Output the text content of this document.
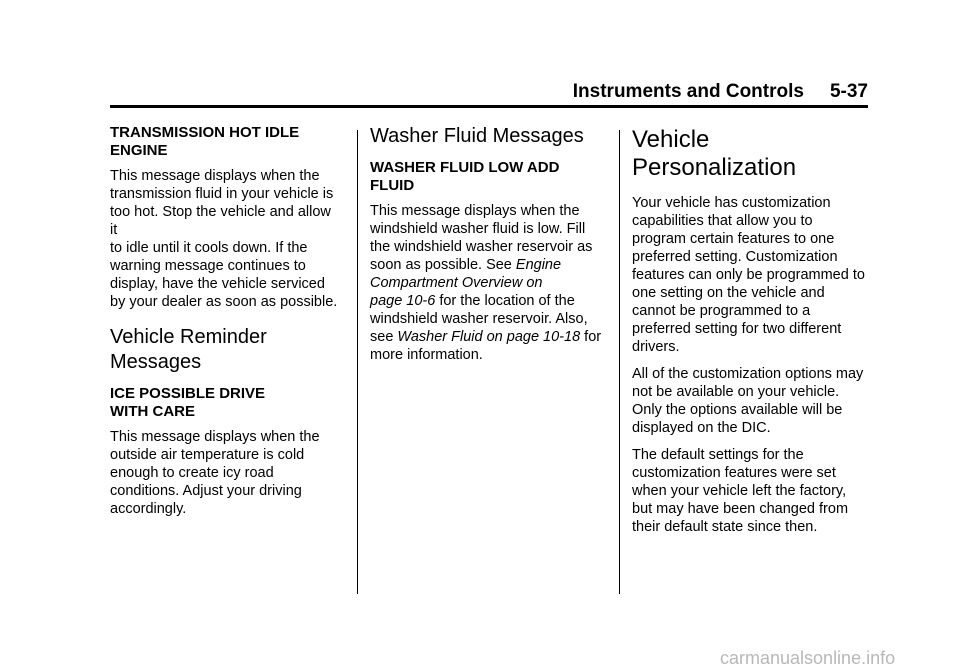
Instruments and Controls 5-37
TRANSMISSION HOT IDLE
ENGINE

This message displays when the
transmission fluid in your vehicle is
too hot. Stop the vehicle and allow it
to idle until it cools down. If the
warning message continues to
display, have the vehicle serviced
by your dealer as soon as possible.

Vehicle Reminder
Messages
ICE POSSIBLE DRIVE
WITH CARE

This message displays when the
outside air temperature is cold
enough to create icy road
conditions. Adjust your driving
accordingly.

Washer Fluid Messages
WASHER FLUID LOW ADD
FLUID

This message displays when the
windshield washer fluid is low. Fill
the windshield washer reservoir as
soon as possible. See Engine
Compartment Overview on
page 10-6 for the location of the
windshield washer reservoir. Also,
see Washer Fluid on page 10-18 for
more information.

Vehicle
Personalization

Your vehicle has customization
capabilities that allow you to
program certain features to one
preferred setting. Customization
features can only be programmed to
one setting on the vehicle and
cannot be programmed to a
preferred setting for two different
drivers.

All of the customization options may
not be available on your vehicle.
Only the options available will be
displayed on the DIC.

The default settings for the
customization features were set
when your vehicle left the factory,
but may have been changed from
their default state since then.

carmanualsonline.info
